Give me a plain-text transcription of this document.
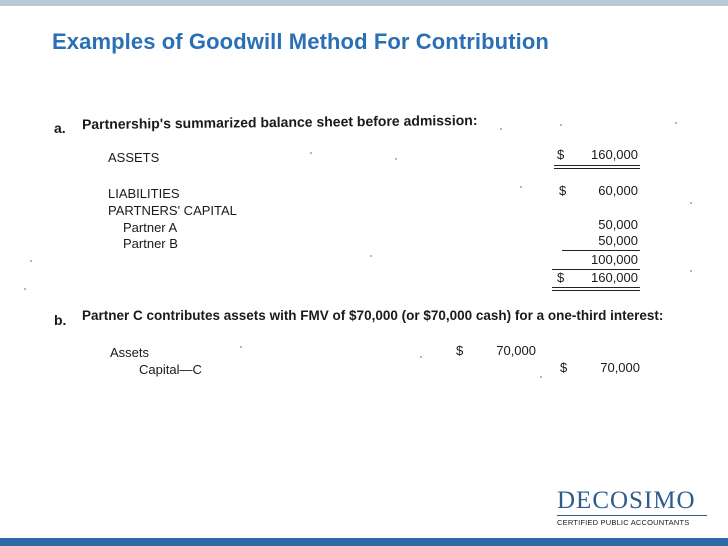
Examples of Goodwill Method For Contribution
a. Partnership's summarized balance sheet before admission:
ASSETS	$	160,000
LIABILITIES	$	60,000
PARTNERS' CAPITAL
Partner A	50,000
Partner B	50,000
100,000
$	160,000
b. Partner C contributes assets with FMV of $70,000 (or $70,000 cash) for a one-third interest:
Assets	$	70,000
Capital—C	$	70,000
DECOSIMO
CERTIFIED PUBLIC ACCOUNTANTS
